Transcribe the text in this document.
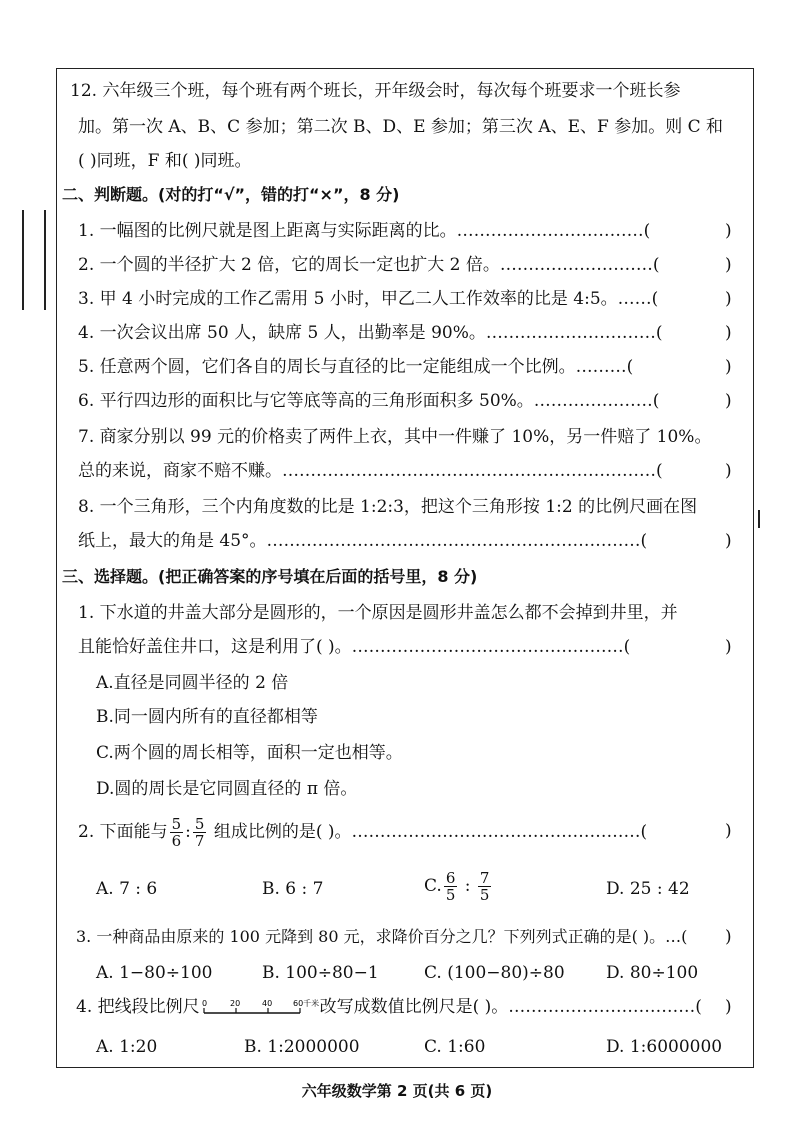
12. 六年级三个班，每个班有两个班长，开年级会时，每次每个班要求一个班长参
加。第一次 A、B、C 参加；第二次 B、D、E 参加；第三次 A、E、F 参加。则 C 和
( )同班，F 和( )同班。
二、判断题。(对的打“√”，错的打“×”，8 分)
1. 一幅图的比例尺就是图上距离与实际距离的比。……………………………(	)
2. 一个圆的半径扩大 2 倍，它的周长一定也扩大 2 倍。………………………(	)
3. 甲 4 小时完成的工作乙需用 5 小时，甲乙二人工作效率的比是 4:5。……(	)
4. 一次会议出席 50 人，缺席 5 人，出勤率是 90%。…………………………(	)
5. 任意两个圆，它们各自的周长与直径的比一定能组成一个比例。………(	)
6. 平行四边形的面积比与它等底等高的三角形面积多 50%。…………………(	)
7. 商家分别以 99 元的价格卖了两件上衣，其中一件赚了 10%，另一件赔了 10%。
总的来说，商家不赔不赚。…………………………………………………………(	)
8. 一个三角形，三个内角度数的比是 1:2:3，把这个三角形按 1:2 的比例尺画在图
纸上，最大的角是 45°。…………………………………………………………(	)
三、选择题。(把正确答案的序号填在后面的括号里，8 分)
1. 下水道的井盖大部分是圆形的，一个原因是圆形井盖怎么都不会掉到井里，并
且能恰好盖住井口，这是利用了( )。…………………………………………(	)
A.直径是同圆半径的 2 倍
B.同一圆内所有的直径都相等
C.两个圆的周长相等，面积一定也相等。
D.圆的周长是它同圆直径的 π 倍。
2. 下面能与 $\frac{5}{6}$ : $\frac{5}{7}$ 组成比例的是( )。……………………………………………(	)
A. 7 : 6	B. 6 : 7	C. $\frac{6}{5}$ : $\frac{7}{5}$	D. 25 : 42
3. 一种商品由原来的 100 元降到 80 元，求降价百分之几？下列列式正确的是( )。…( )
A. 1−80÷100	B. 100÷80−1	C. (100−80)÷80 D. 80÷100
4. 把线段比例尺 0	20	40	60千米 改写成数值比例尺是( )。……………………………( )
A. 1:20	B. 1:2000000	C. 1:60	D. 1:6000000
六年级数学第 2 页(共 6 页)
